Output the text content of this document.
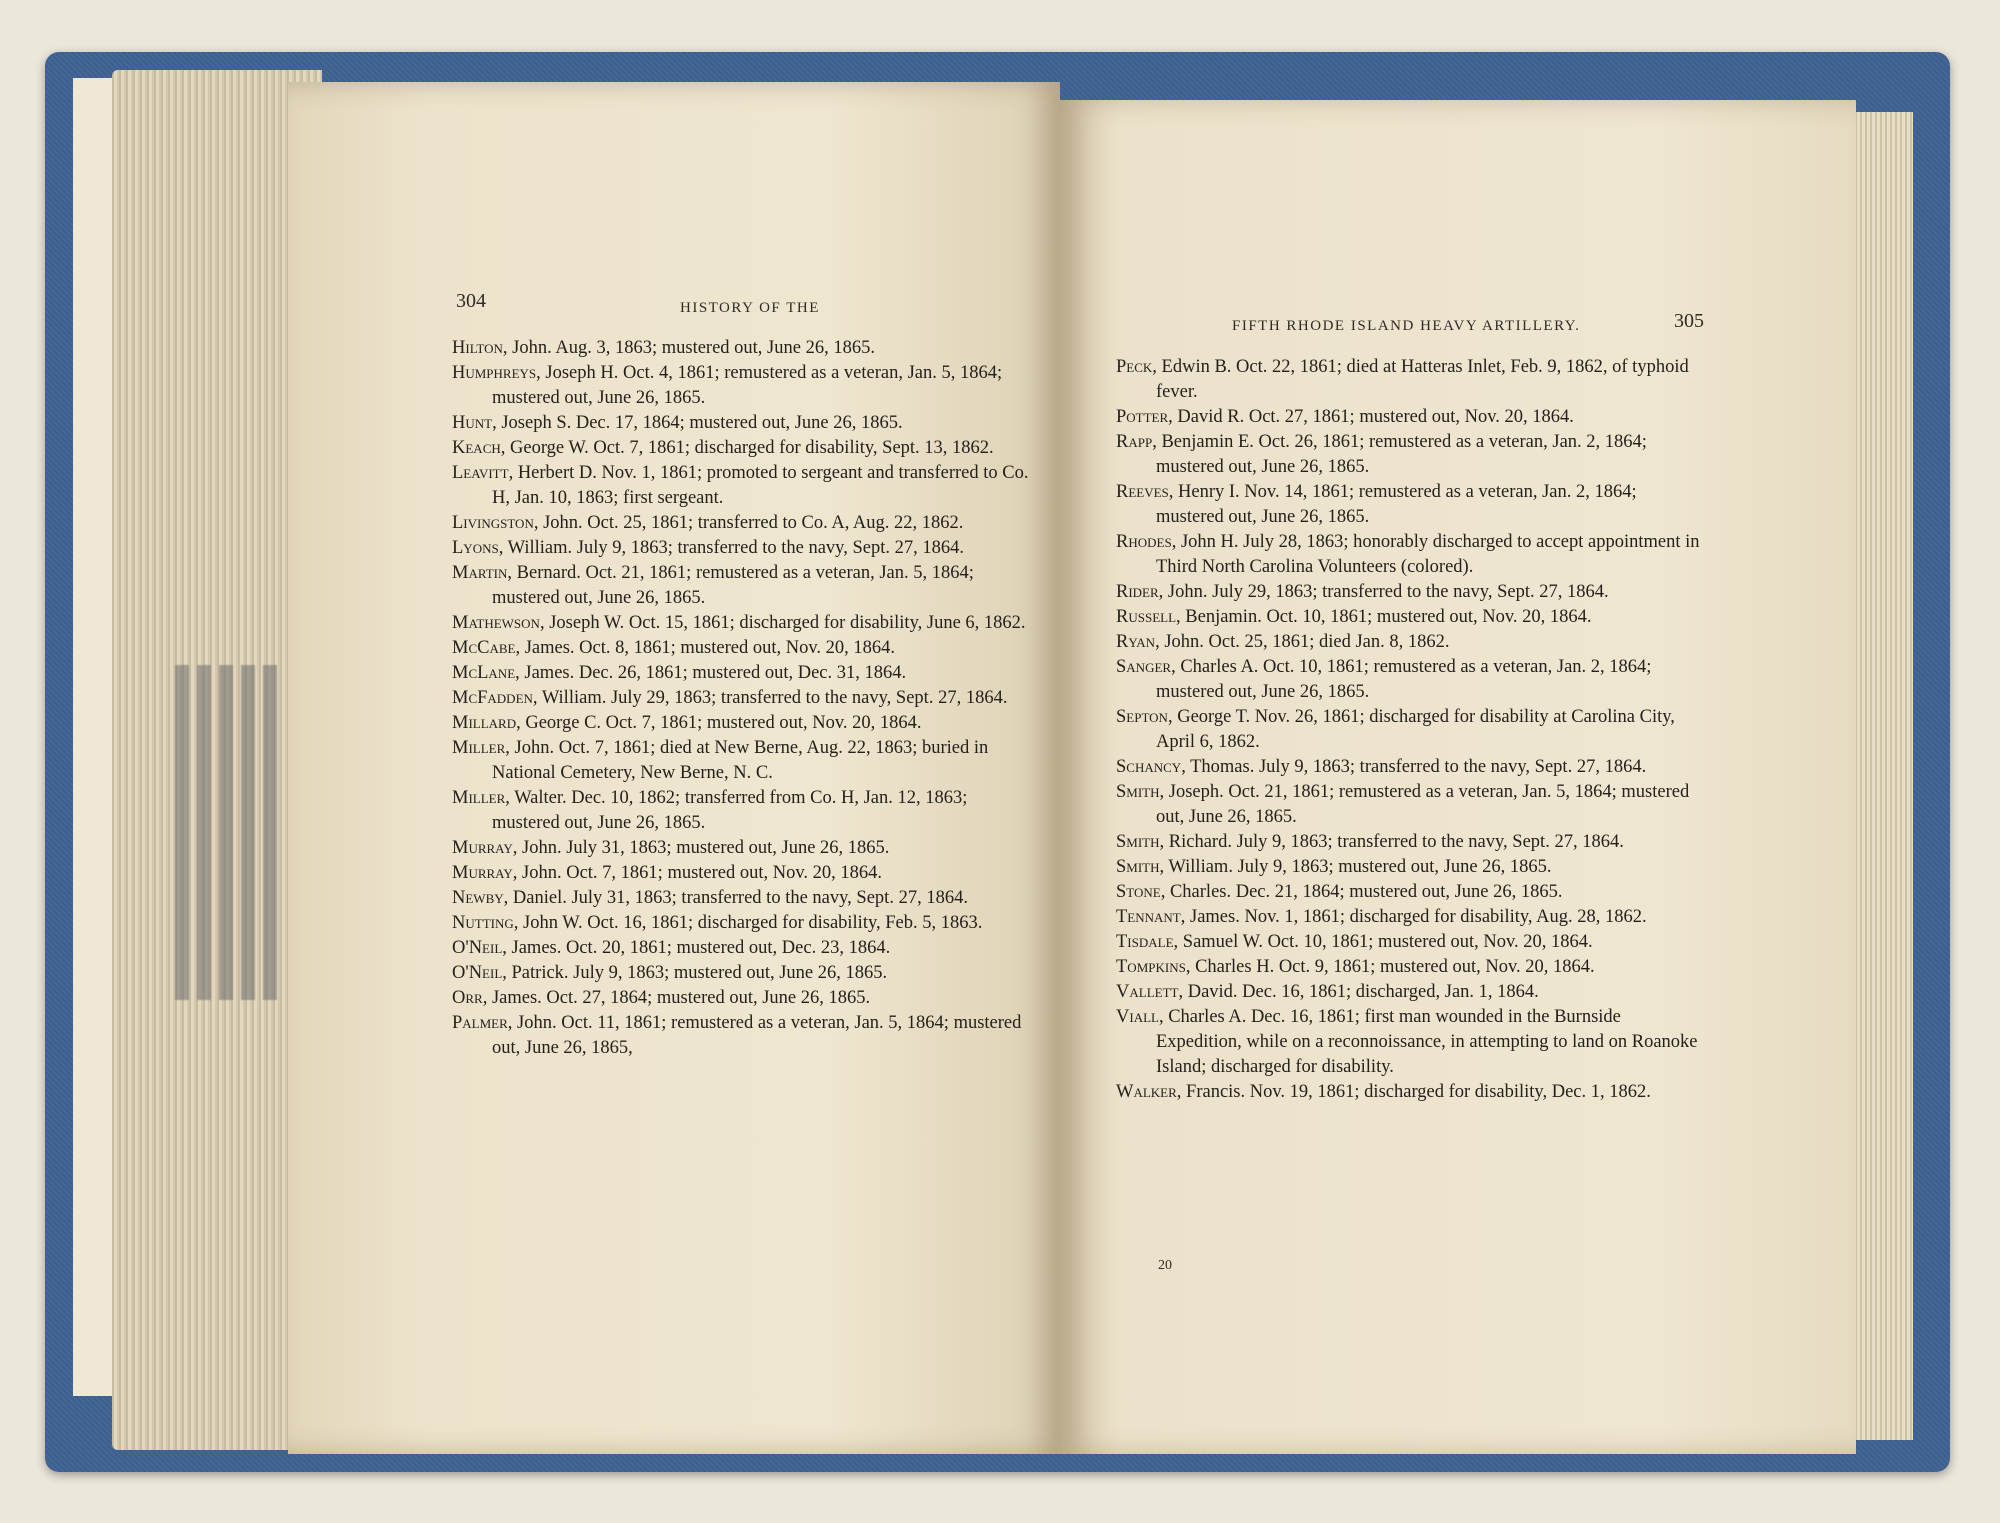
304	HISTORY OF THE
305
FIFTH RHODE ISLAND HEAVY ARTILLERY.

Hilton, John. Aug. 3, 1863; mustered out, June 26, 1865.

Humphreys, Joseph H. Oct. 4, 1861; remustered as a veteran, Jan. 5, 1864; mustered out, June 26, 1865.

Hunt, Joseph S. Dec. 17, 1864; mustered out, June 26, 1865.

Keach, George W. Oct. 7, 1861; discharged for disability, Sept. 13, 1862.

Leavitt, Herbert D. Nov. 1, 1861; promoted to sergeant and transferred to Co. H, Jan. 10, 1863; first sergeant.

Livingston, John. Oct. 25, 1861; transferred to Co. A, Aug. 22, 1862.

Lyons, William. July 9, 1863; transferred to the navy, Sept. 27, 1864.

Martin, Bernard. Oct. 21, 1861; remustered as a veteran, Jan. 5, 1864; mustered out, June 26, 1865.

Mathewson, Joseph W. Oct. 15, 1861; discharged for disability, June 6, 1862.

McCabe, James. Oct. 8, 1861; mustered out, Nov. 20, 1864.

McLane, James. Dec. 26, 1861; mustered out, Dec. 31, 1864.

McFadden, William. July 29, 1863; transferred to the navy, Sept. 27, 1864.

Millard, George C. Oct. 7, 1861; mustered out, Nov. 20, 1864.

Miller, John. Oct. 7, 1861; died at New Berne, Aug. 22, 1863; buried in National Cemetery, New Berne, N. C.

Miller, Walter. Dec. 10, 1862; transferred from Co. H, Jan. 12, 1863; mustered out, June 26, 1865.

Murray, John. July 31, 1863; mustered out, June 26, 1865.

Murray, John. Oct. 7, 1861; mustered out, Nov. 20, 1864.

Newby, Daniel. July 31, 1863; transferred to the navy, Sept. 27, 1864.

Nutting, John W. Oct. 16, 1861; discharged for disability, Feb. 5, 1863.

O'Neil, James. Oct. 20, 1861; mustered out, Dec. 23, 1864.

O'Neil, Patrick. July 9, 1863; mustered out, June 26, 1865.

Orr, James. Oct. 27, 1864; mustered out, June 26, 1865.

Palmer, John. Oct. 11, 1861; remustered as a veteran, Jan. 5, 1864; mustered out, June 26, 1865,

Peck, Edwin B. Oct. 22, 1861; died at Hatteras Inlet, Feb. 9, 1862, of typhoid fever.

Potter, David R. Oct. 27, 1861; mustered out, Nov. 20, 1864.

Rapp, Benjamin E. Oct. 26, 1861; remustered as a veteran, Jan. 2, 1864; mustered out, June 26, 1865.

Reeves, Henry I. Nov. 14, 1861; remustered as a veteran, Jan. 2, 1864; mustered out, June 26, 1865.

Rhodes, John H. July 28, 1863; honorably discharged to accept appointment in Third North Carolina Volunteers (colored).

Rider, John. July 29, 1863; transferred to the navy, Sept. 27, 1864.

Russell, Benjamin. Oct. 10, 1861; mustered out, Nov. 20, 1864.

Ryan, John. Oct. 25, 1861; died Jan. 8, 1862.

Sanger, Charles A. Oct. 10, 1861; remustered as a veteran, Jan. 2, 1864; mustered out, June 26, 1865.

Septon, George T. Nov. 26, 1861; discharged for disability at Carolina City, April 6, 1862.

Schancy, Thomas. July 9, 1863; transferred to the navy, Sept. 27, 1864.

Smith, Joseph. Oct. 21, 1861; remustered as a veteran, Jan. 5, 1864; mustered out, June 26, 1865.

Smith, Richard. July 9, 1863; transferred to the navy, Sept. 27, 1864.

Smith, William. July 9, 1863; mustered out, June 26, 1865.

Stone, Charles. Dec. 21, 1864; mustered out, June 26, 1865.

Tennant, James. Nov. 1, 1861; discharged for disability, Aug. 28, 1862.

Tisdale, Samuel W. Oct. 10, 1861; mustered out, Nov. 20, 1864.

Tompkins, Charles H. Oct. 9, 1861; mustered out, Nov. 20, 1864.

Vallett, David. Dec. 16, 1861; discharged, Jan. 1, 1864.

Viall, Charles A. Dec. 16, 1861; first man wounded in the Burnside Expedition, while on a reconnoissance, in attempting to land on Roanoke Island; discharged for disability.

Walker, Francis. Nov. 19, 1861; discharged for disability, Dec. 1, 1862.

20
